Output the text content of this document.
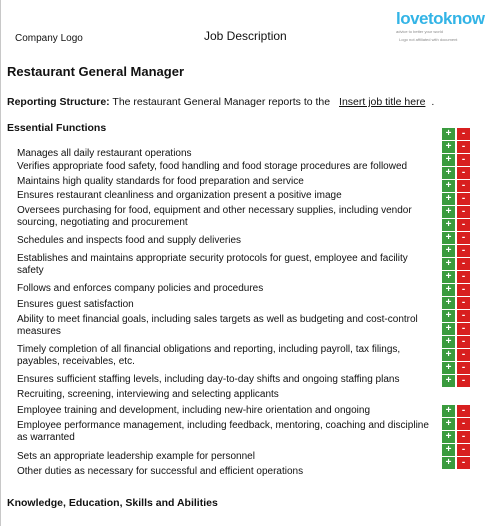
Company Logo	Job Description
lovetoknow
advice to better your world
Logo not affiliated with document
Restaurant General Manager
Reporting Structure: The restaurant General Manager reports to the Insert job title here .
Essential Functions
Manages all daily restaurant operations
Verifies appropriate food safety, food handling and food storage procedures are followed
Maintains high quality standards for food preparation and service
Ensures restaurant cleanliness and organization present a positive image
Oversees purchasing for food, equipment and other necessary supplies, including vendor sourcing, negotiating and procurement
Schedules and inspects food and supply deliveries
Establishes and maintains appropriate security protocols for guest, employee and facility safety
Follows and enforces company policies and procedures
Ensures guest satisfaction
Ability to meet financial goals, including sales targets as well as budgeting and cost-control measures
Timely completion of all financial obligations and reporting, including payroll, tax filings, payables, receivables, etc.
Ensures sufficient staffing levels, including day-to-day shifts and ongoing staffing plans
Recruiting, screening, interviewing and selecting applicants
Employee training and development, including new-hire orientation and ongoing
Employee performance management, including feedback, mentoring, coaching and discipline as warranted
Sets an appropriate leadership example for personnel
Other duties as necessary for successful and efficient operations
+	-
+	-
+	-
+	-
+	-
+	-
+	-
+	-
+	-
+	-
+	-
+	-
+	-
+	-
+	-
+	-
+	-
+	-
+	-
+	-
+	-
+	-
+	-
+	-
+	-
Knowledge, Education, Skills and Abilities
